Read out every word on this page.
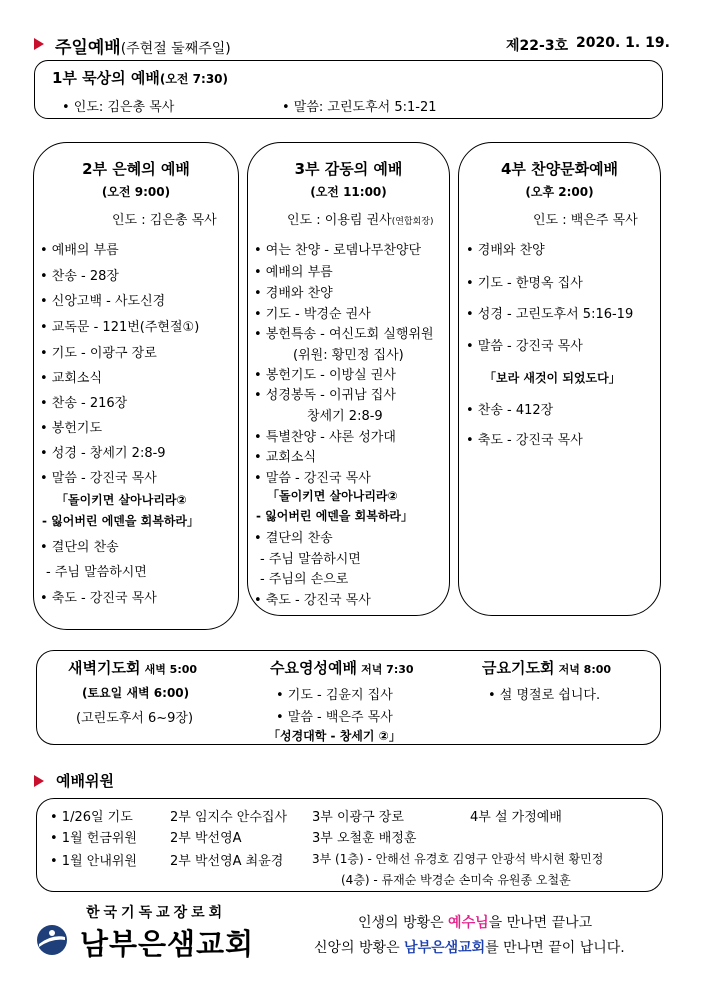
주일예배(주현절 둘째주일)	제22-3호 2020. 1. 19.
1부 묵상의 예배(오전 7:30)
• 인도: 김은총 목사	• 말씀: 고린도후서 5:1-21
2부 은혜의 예배
(오전 9:00)
인도 : 김은총 목사
• 예배의 부름
• 찬송 - 28장
• 신앙고백 - 사도신경
• 교독문 - 121번(주현절①)
• 기도 - 이광구 장로
• 교회소식
• 찬송 - 216장
• 봉헌기도
• 성경 - 창세기 2:8-9
• 말씀 - 강진국 목사
「돌이키면 살아나리라②
- 잃어버린 에덴을 회복하라」
• 결단의 찬송
- 주님 말씀하시면
• 축도 - 강진국 목사
3부 감동의 예배
(오전 11:00)
인도 : 이용림 권사(연합회장)
• 여는 찬양 - 로뎀나무찬양단
• 예배의 부름
• 경배와 찬양
• 기도 - 박경순 권사
• 봉헌특송 - 여신도회 실행위원
(위원: 황민정 집사)
• 봉헌기도 - 이방실 권사
• 성경봉독 - 이귀남 집사
창세기 2:8-9
• 특별찬양 - 샤론 성가대
• 교회소식
• 말씀 - 강진국 목사
「돌이키면 살아나리라②
- 잃어버린 에덴을 회복하라」
• 결단의 찬송
- 주님 말씀하시면
- 주님의 손으로
• 축도 - 강진국 목사
4부 찬양문화예배
(오후 2:00)
인도 : 백은주 목사
• 경배와 찬양
• 기도 - 한명옥 집사
• 성경 - 고린도후서 5:16-19
• 말씀 - 강진국 목사
「보라 새것이 되었도다」
• 찬송 - 412장
• 축도 - 강진국 목사
새벽기도회 새벽 5:00
(토요일 새벽 6:00)
(고린도후서 6~9장)
수요영성예배 저녁 7:30
• 기도 - 김윤지 집사
• 말씀 - 백은주 목사
「성경대학 - 창세기 ②」
금요기도회 저녁 8:00
• 설 명절로 쉽니다.
예배위원
• 1/26일 기도	2부 임지수 안수집사 3부 이광구 장로	4부 설 가정예배
• 1월 헌금위원	2부 박선영A	3부 오철훈 배정훈
• 1월 안내위원	2부 박선영A 최윤경 3부 (1층) - 안해선 유경호 김영구 안광석 박시현 황민정
(4층) - 류재순 박경순 손미숙 유원종 오철훈
한국기독교장로회
남부은샘교회
인생의 방황은 예수님을 만나면 끝나고
신앙의 방황은 남부은샘교회를 만나면 끝이 납니다.
